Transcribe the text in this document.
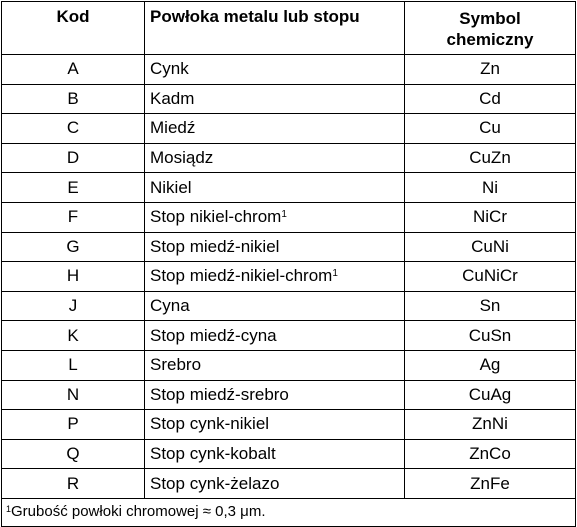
Kod	Powłoka metalu lub stopu	Symbol
chemiczny
A	Cynk	Zn
B	Kadm	Cd
C	Miedź	Cu
D	Mosiądz	CuZn
E	Nikiel	Ni
F	Stop nikiel-chrom$^1$	NiCr
G	Stop miedź-nikiel	CuNi
H	Stop miedź-nikiel-chrom$^1$	CuNiCr
J	Cyna	Sn
K	Stop miedź-cyna	CuSn
L	Srebro	Ag
N	Stop miedź-srebro	CuAg
P	Stop cynk-nikiel	ZnNi
Q	Stop cynk-kobalt	ZnCo
R	Stop cynk-żelazo	ZnFe
$^1$Grubość powłoki chromowej ≈ 0,3 μm.		
